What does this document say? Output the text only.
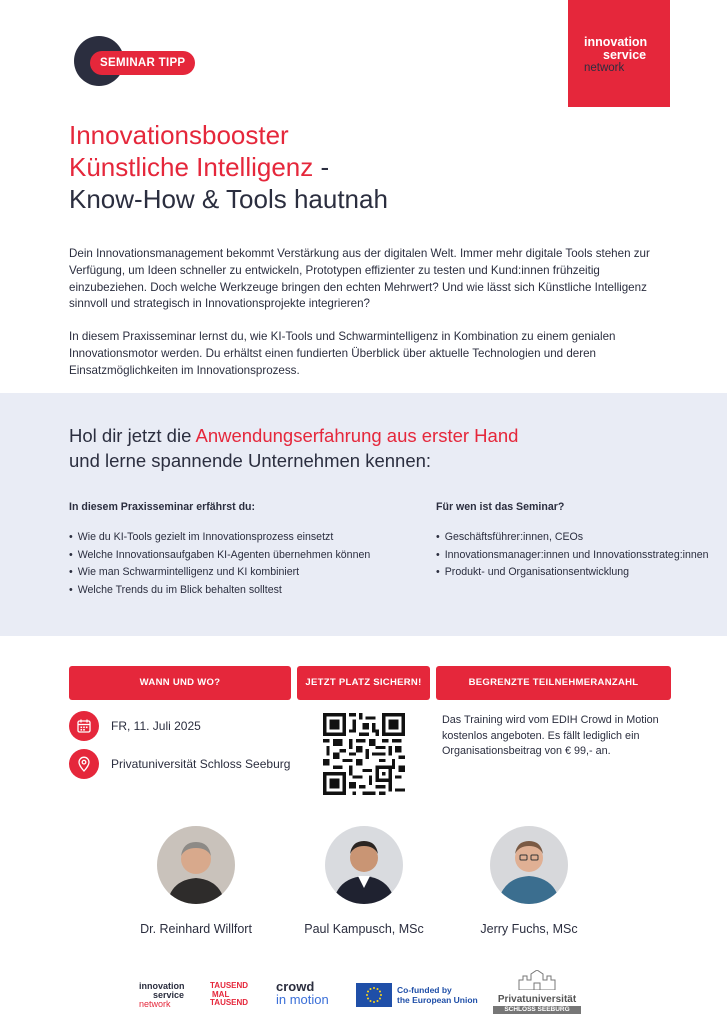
SEMINAR TIPP
innovation
service
network
Innovationsbooster
Künstliche Intelligenz -
Know-How & Tools hautnah

Dein Innovationsmanagement bekommt Verstärkung aus der digitalen Welt. Immer mehr digitale Tools stehen zur Verfügung, um Ideen schneller zu entwickeln, Prototypen effizienter zu testen und Kund:innen frühzeitig einzubeziehen. Doch welche Werkzeuge bringen den echten Mehrwert? Und wie lässt sich Künstliche Intelligenz sinnvoll und strategisch in Innovationsprojekte integrieren?

In diesem Praxisseminar lernst du, wie KI-Tools und Schwarmintelligenz in Kombination zu einem genialen Innovationsmotor werden. Du erhältst einen fundierten Überblick über aktuelle Technologien und deren Einsatzmöglichkeiten im Innovationsprozess.

Hol dir jetzt die Anwendungserfahrung aus erster Hand
und lerne spannende Unternehmen kennen:
In diesem Praxisseminar erfährst du:
• Wie du KI-Tools gezielt im Innovationsprozess einsetzt
• Welche Innovationsaufgaben KI-Agenten übernehmen können
• Wie man Schwarmintelligenz und KI kombiniert
• Welche Trends du im Blick behalten solltest
Für wen ist das Seminar?
• Geschäftsführer:innen, CEOs
• Innovationsmanager:innen und Innovationsstrateg:innen
• Produkt- und Organisationsentwicklung
WANN UND WO?	JETZT PLATZ SICHERN!	BEGRENZTE TEILNEHMERANZAHL
FR, 11. Juli 2025
Privatuniversität Schloss Seeburg
Das Training wird vom EDIH Crowd in Motion kostenlos angeboten. Es fällt lediglich ein Organisationsbeitrag von € 99,- an.
Dr. Reinhard Willfort	Paul Kampusch, MSc	Jerry Fuchs, MSc
innovation
service
network
TAUSEND
MAL
TAUSEND
crowd
in motion
Co-funded by
the European Union	Privatuniversität
SCHLOSS SEEBURG
